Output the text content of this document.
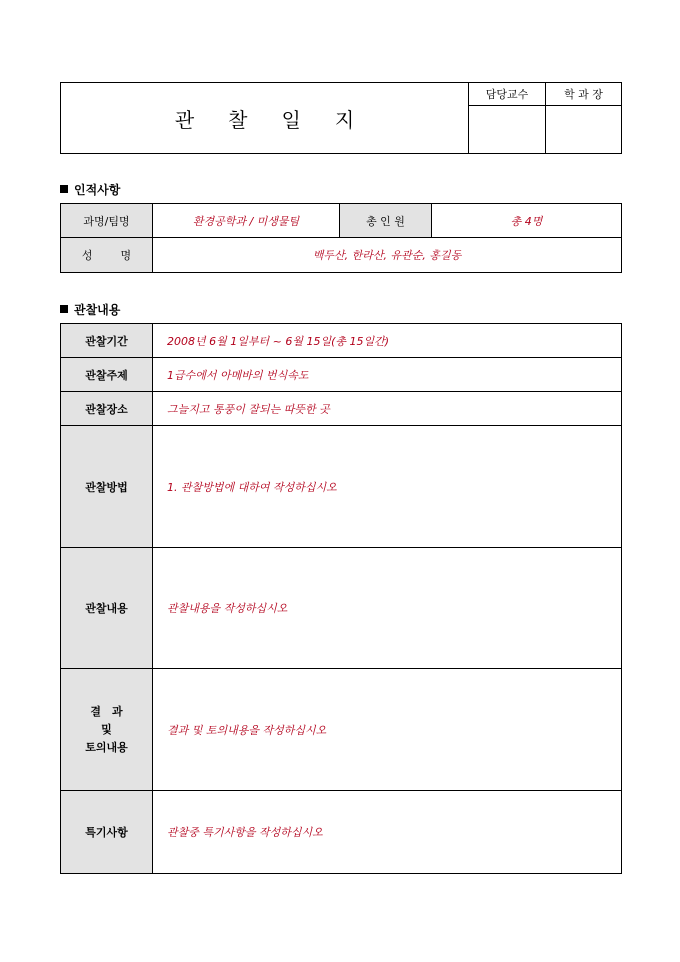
관 찰 일 지	담당교수	학 과 장

인적사항
과명/팀명	환경공학과 / 미생물팀	총 인 원	총 4명
성 명	백두산, 한라산, 유관순, 홍길동		
관찰내용
관찰기간	2008년 6월 1일부터 ~ 6월 15일(총 15일간)
관찰주제	1급수에서 아메바의 번식속도
관찰장소	그늘지고 통풍이 잘되는 따뜻한 곳
관찰방법	1. 관찰방법에 대하여 작성하십시오
관찰내용	관찰내용을 작성하십시오

결　과
및
토의내용	결과 및 토의내용을 작성하십시오
특기사항	관찰중 특기사항을 작성하십시오
